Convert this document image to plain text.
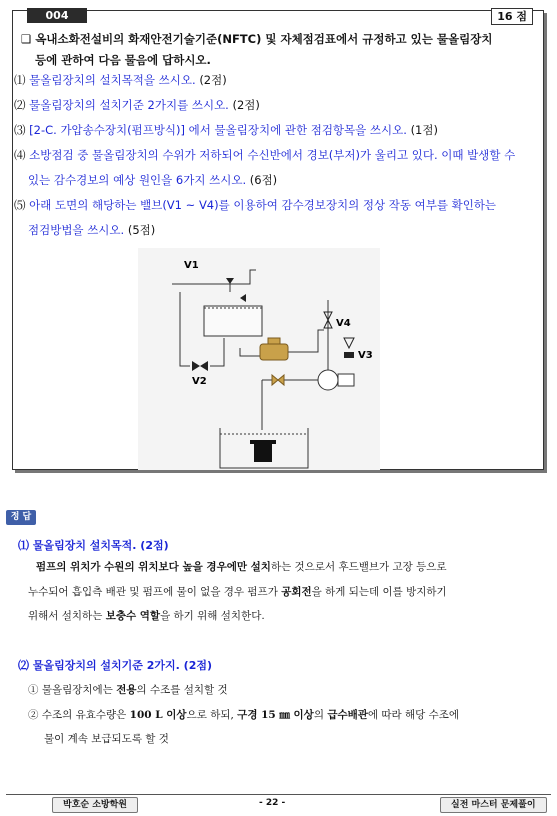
004	16 점
❑ 옥내소화전설비의 화재안전기술기준(NFTC) 및 자체점검표에서 규정하고 있는 물올림장치
등에 관하여 다음 물음에 답하시오.
⑴ 물올림장치의 설치목적을 쓰시오. (2점)
⑵ 물올림장치의 설치기준 2가지를 쓰시오. (2점)
⑶ [2-C. 가압송수장치(펌프방식)] 에서 물올림장치에 관한 점검항목을 쓰시오. (1점)
⑷ 소방점검 중 물올림장치의 수위가 저하되어 수신반에서 경보(부저)가 울리고 있다. 이때 발생할 수
있는 감수경보의 예상 원인을 6가지 쓰시오. (6점)
⑸ 아래 도면의 해당하는 밸브(V1 ~ V4)를 이용하여 감수경보장치의 정상 작동 여부를 확인하는
점검방법을 쓰시오. (5점)
V1
V2
V3
V4
정 답
⑴ 물올림장치 설치목적. (2점)
펌프의 위치가 수원의 위치보다 높을 경우에만 설치하는 것으로서 후드밸브가 고장 등으로
누수되어 흡입측 배관 및 펌프에 물이 없을 경우 펌프가 공회전을 하게 되는데 이를 방지하기
위해서 설치하는 보충수 역할을 하기 위해 설치한다.
⑵ 물올림장치의 설치기준 2가지. (2점)
① 물올림장치에는 전용의 수조를 설치할 것
② 수조의 유효수량은 100 L 이상으로 하되, 구경 15 ㎜ 이상의 급수배관에 따라 해당 수조에
물이 계속 보급되도록 할 것
박호순 소방학원	- 22 -	실전 마스터 문제풀이
